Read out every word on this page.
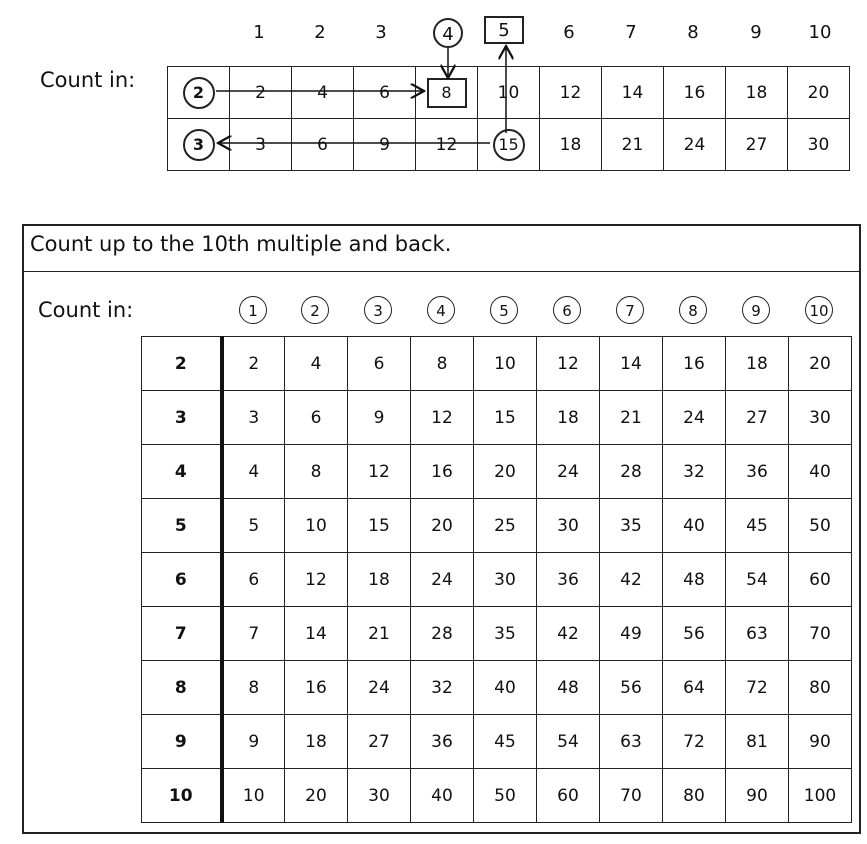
1	2	3	4	5	6	7	8	9	10
Count in:	2	2	4	6	8	10	12	14	16	18	20
3	3	6	9	12	15	18	21	24	27	30
Count up to the 10th multiple and back.
Count in:	1	2	3	4	5	6	7	8	9	10
2	2	4	6	8	10	12	14	16	18	20
3	3	6	9	12	15	18	21	24	27	30
4	4	8	12	16	20	24	28	32	36	40
5	5	10	15	20	25	30	35	40	45	50
6	6	12	18	24	30	36	42	48	54	60
7	7	14	21	28	35	42	49	56	63	70
8	8	16	24	32	40	48	56	64	72	80
9	9	18	27	36	45	54	63	72	81	90
10	10	20	30	40	50	60	70	80	90	100
